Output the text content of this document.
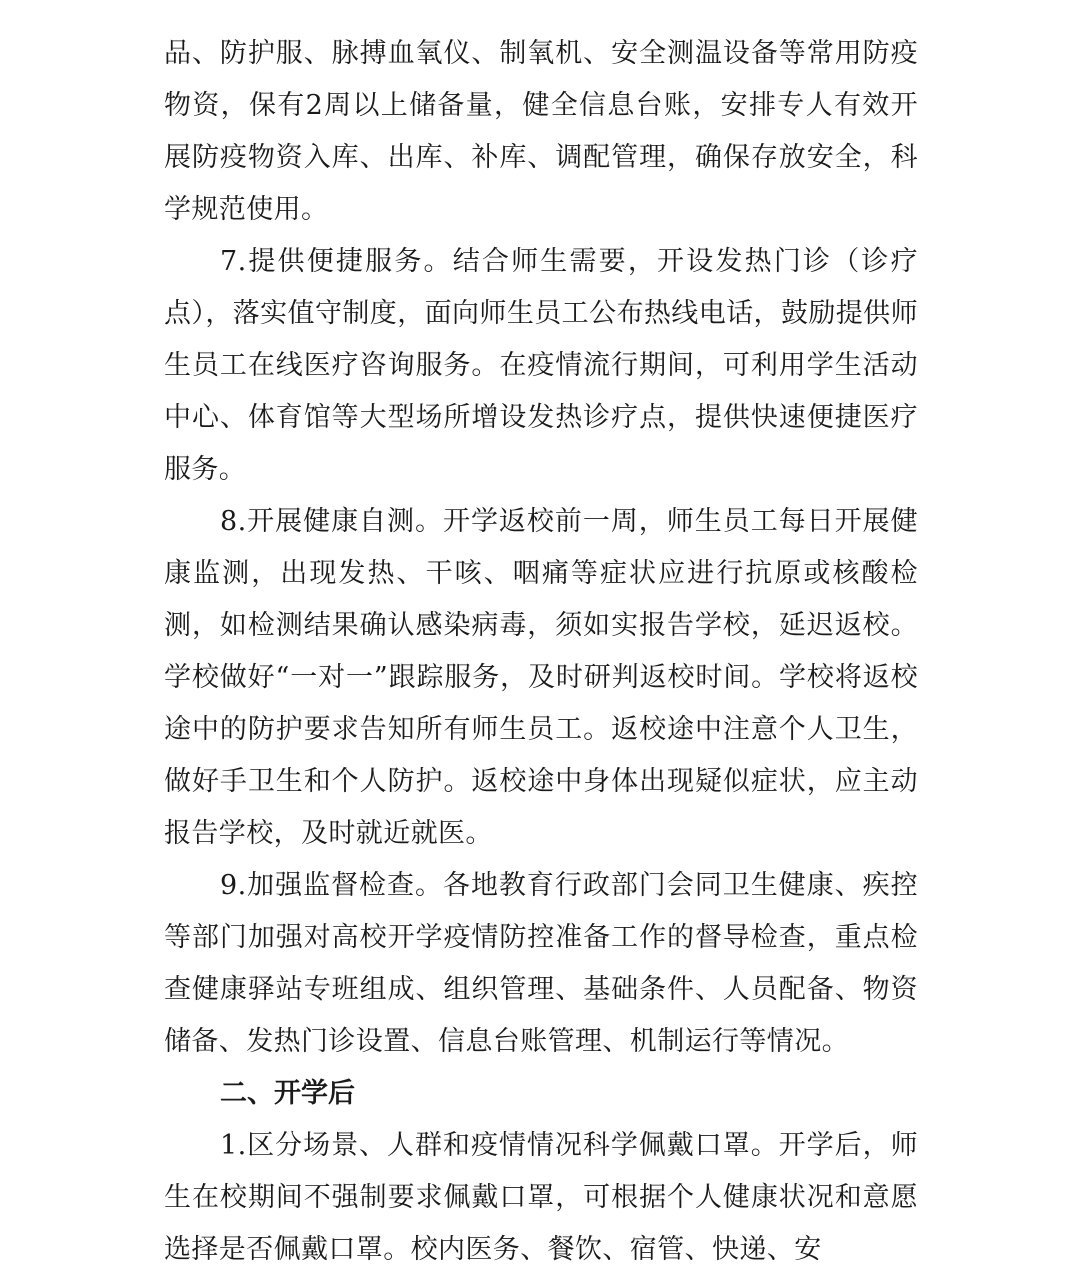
品、防护服、脉搏血氧仪、制氧机、安全测温设备等常用防疫物资，保有2周以上储备量，健全信息台账，安排专人有效开展防疫物资入库、出库、补库、调配管理，确保存放安全，科学规范使用。

7.提供便捷服务。结合师生需要，开设发热门诊（诊疗点），落实值守制度，面向师生员工公布热线电话，鼓励提供师生员工在线医疗咨询服务。在疫情流行期间，可利用学生活动中心、体育馆等大型场所增设发热诊疗点，提供快速便捷医疗服务。

8.开展健康自测。开学返校前一周，师生员工每日开展健康监测，出现发热、干咳、咽痛等症状应进行抗原或核酸检测，如检测结果确认感染病毒，须如实报告学校，延迟返校。学校做好“一对一”跟踪服务，及时研判返校时间。学校将返校途中的防护要求告知所有师生员工。返校途中注意个人卫生，做好手卫生和个人防护。返校途中身体出现疑似症状，应主动报告学校，及时就近就医。

9.加强监督检查。各地教育行政部门会同卫生健康、疾控等部门加强对高校开学疫情防控准备工作的督导检查，重点检查健康驿站专班组成、组织管理、基础条件、人员配备、物资储备、发热门诊设置、信息台账管理、机制运行等情况。

二、开学后

1.区分场景、人群和疫情情况科学佩戴口罩。开学后，师生在校期间不强制要求佩戴口罩，可根据个人健康状况和意愿选择是否佩戴口罩。校内医务、餐饮、宿管、快递、安
